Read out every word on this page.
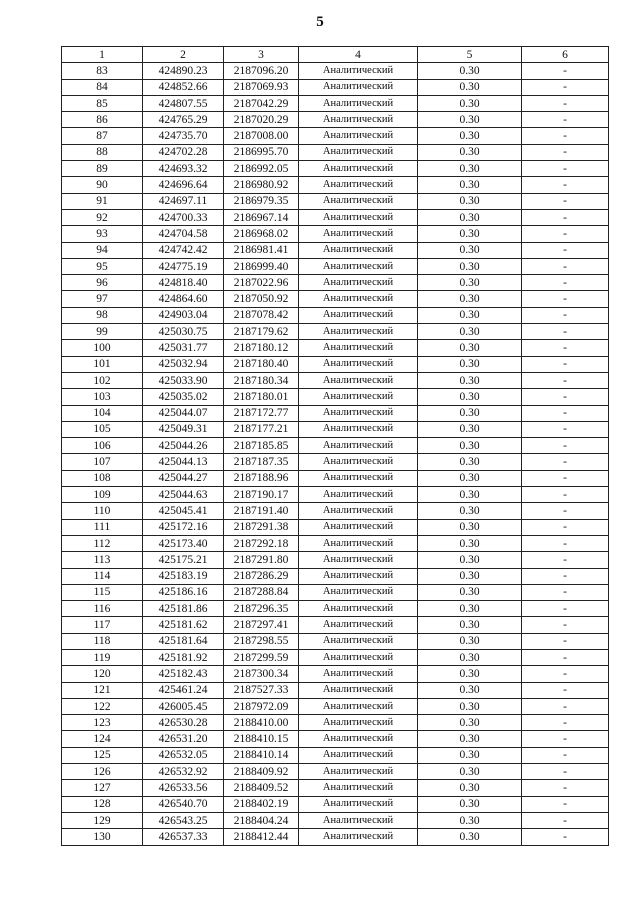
5
1	2	3	4	5	6
83	424890.23	2187096.20	Аналитический	0.30	-
84	424852.66	2187069.93	Аналитический	0.30	-
85	424807.55	2187042.29	Аналитический	0.30	-
86	424765.29	2187020.29	Аналитический	0.30	-
87	424735.70	2187008.00	Аналитический	0.30	-
88	424702.28	2186995.70	Аналитический	0.30	-
89	424693.32	2186992.05	Аналитический	0.30	-
90	424696.64	2186980.92	Аналитический	0.30	-
91	424697.11	2186979.35	Аналитический	0.30	-
92	424700.33	2186967.14	Аналитический	0.30	-
93	424704.58	2186968.02	Аналитический	0.30	-
94	424742.42	2186981.41	Аналитический	0.30	-
95	424775.19	2186999.40	Аналитический	0.30	-
96	424818.40	2187022.96	Аналитический	0.30	-
97	424864.60	2187050.92	Аналитический	0.30	-
98	424903.04	2187078.42	Аналитический	0.30	-
99	425030.75	2187179.62	Аналитический	0.30	-
100	425031.77	2187180.12	Аналитический	0.30	-
101	425032.94	2187180.40	Аналитический	0.30	-
102	425033.90	2187180.34	Аналитический	0.30	-
103	425035.02	2187180.01	Аналитический	0.30	-
104	425044.07	2187172.77	Аналитический	0.30	-
105	425049.31	2187177.21	Аналитический	0.30	-
106	425044.26	2187185.85	Аналитический	0.30	-
107	425044.13	2187187.35	Аналитический	0.30	-
108	425044.27	2187188.96	Аналитический	0.30	-
109	425044.63	2187190.17	Аналитический	0.30	-
110	425045.41	2187191.40	Аналитический	0.30	-
111	425172.16	2187291.38	Аналитический	0.30	-
112	425173.40	2187292.18	Аналитический	0.30	-
113	425175.21	2187291.80	Аналитический	0.30	-
114	425183.19	2187286.29	Аналитический	0.30	-
115	425186.16	2187288.84	Аналитический	0.30	-
116	425181.86	2187296.35	Аналитический	0.30	-
117	425181.62	2187297.41	Аналитический	0.30	-
118	425181.64	2187298.55	Аналитический	0.30	-
119	425181.92	2187299.59	Аналитический	0.30	-
120	425182.43	2187300.34	Аналитический	0.30	-
121	425461.24	2187527.33	Аналитический	0.30	-
122	426005.45	2187972.09	Аналитический	0.30	-
123	426530.28	2188410.00	Аналитический	0.30	-
124	426531.20	2188410.15	Аналитический	0.30	-
125	426532.05	2188410.14	Аналитический	0.30	-
126	426532.92	2188409.92	Аналитический	0.30	-
127	426533.56	2188409.52	Аналитический	0.30	-
128	426540.70	2188402.19	Аналитический	0.30	-
129	426543.25	2188404.24	Аналитический	0.30	-
130	426537.33	2188412.44	Аналитический	0.30	-
